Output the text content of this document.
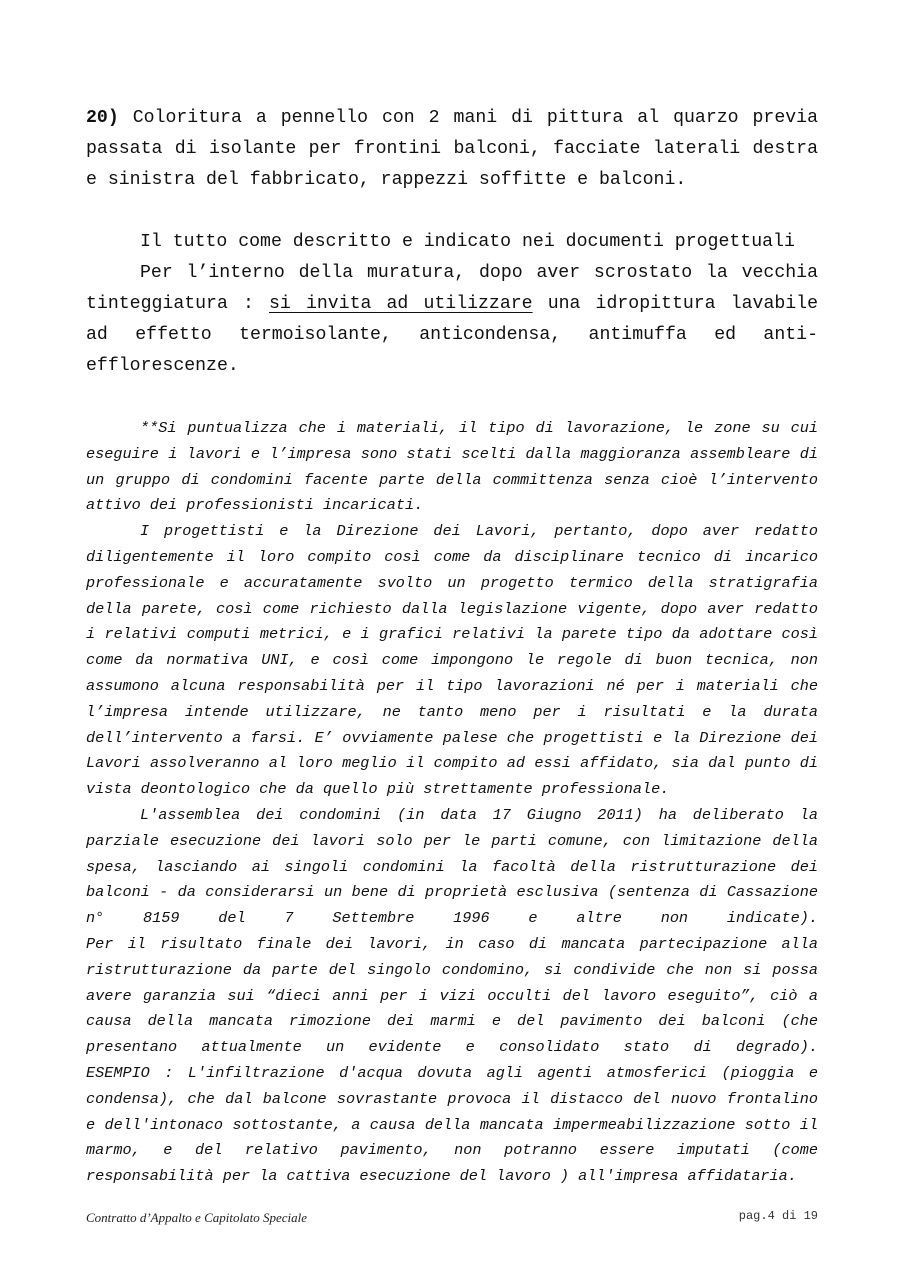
20) Coloritura a pennello con 2 mani di pittura al quarzo previa
passata di isolante per frontini balconi, facciate laterali destra
e sinistra del fabbricato, rappezzi soffitte e balconi.
Il tutto come descritto e indicato nei documenti progettuali
Per l’interno della muratura, dopo aver scrostato la vecchia
tinteggiatura : si invita ad utilizzare una idropittura lavabile
ad effetto termoisolante, anticondensa, antimuffa ed anti-
efflorescenze.
**Si puntualizza che i materiali, il tipo di lavorazione, le zone su cui
eseguire i lavori e l’impresa sono stati scelti dalla maggioranza assembleare di
un gruppo di condomini facente parte della committenza senza cioè l’intervento
attivo dei professionisti incaricati.
I progettisti e la Direzione dei Lavori, pertanto, dopo aver redatto
diligentemente il loro compito così come da disciplinare tecnico di incarico
professionale e accuratamente svolto un progetto termico della stratigrafia
della parete, così come richiesto dalla legislazione vigente, dopo aver redatto
i relativi computi metrici, e i grafici relativi la parete tipo da adottare così
come da normativa UNI, e così come impongono le regole di buon tecnica, non
assumono alcuna responsabilità per il tipo lavorazioni né per i materiali che
l’impresa intende utilizzare, ne tanto meno per i risultati e la durata
dell’intervento a farsi. E’ ovviamente palese che progettisti e la Direzione dei
Lavori assolveranno al loro meglio il compito ad essi affidato, sia dal punto di
vista deontologico che da quello più strettamente professionale.
L'assemblea dei condomini (in data 17 Giugno 2011) ha deliberato la
parziale esecuzione dei lavori solo per le parti comune, con limitazione della
spesa, lasciando ai singoli condomini la facoltà della ristrutturazione dei
balconi - da considerarsi un bene di proprietà esclusiva (sentenza di Cassazione
n° 8159 del 7 Settembre 1996 e altre non indicate).
Per il risultato finale dei lavori, in caso di mancata partecipazione alla
ristrutturazione da parte del singolo condomino, si condivide che non si possa
avere garanzia sui “dieci anni per i vizi occulti del lavoro eseguito”, ciò a
causa della mancata rimozione dei marmi e del pavimento dei balconi (che
presentano attualmente un evidente e consolidato stato di degrado).
ESEMPIO : L'infiltrazione d'acqua dovuta agli agenti atmosferici (pioggia e
condensa), che dal balcone sovrastante provoca il distacco del nuovo frontalino
e dell'intonaco sottostante, a causa della mancata impermeabilizzazione sotto il
marmo, e del relativo pavimento, non potranno essere imputati (come
responsabilità per la cattiva esecuzione del lavoro ) all'impresa affidataria.
Contratto d’Appalto e Capitolato Speciale	pag.4 di 19
